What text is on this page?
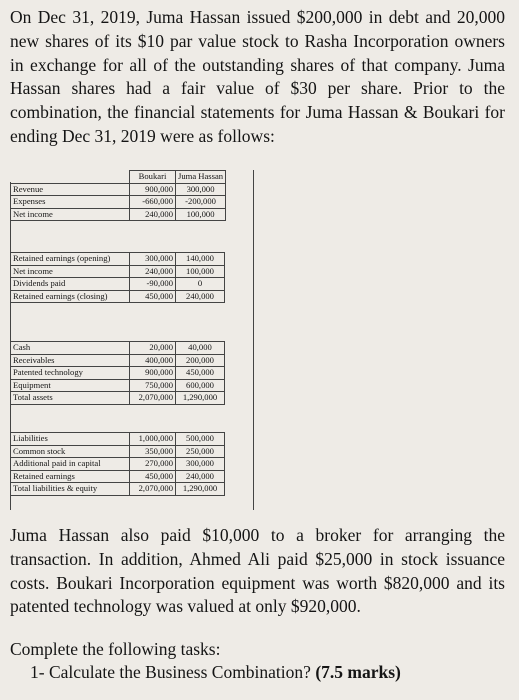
On Dec 31, 2019, Juma Hassan issued $200,000 in debt and 20,000 new shares of its $10 par value stock to Rasha Incorporation owners in exchange for all of the outstanding shares of that company. Juma Hassan shares had a fair value of $30 per share. Prior to the combination, the financial statements for Juma Hassan & Boukari for ending Dec 31, 2019 were as follows:

	Boukari	Juma Hassan
Revenue	900,000	300,000
Expenses	-660,000	-200,000
Net income	240,000	100,000
Retained earnings (opening)	300,000	140,000
Net income	240,000	100,000
Dividends paid	-90,000	0
Retained earnings (closing)	450,000	240,000
Cash	20,000	40,000
Receivables	400,000	200,000
Patented technology	900,000	450,000
Equipment	750,000	600,000
Total assets	2,070,000	1,290,000
Liabilities	1,000,000	500,000
Common stock	350,000	250,000
Additional paid in capital	270,000	300,000
Retained earnings	450,000	240,000
Total liabilities & equity	2,070,000	1,290,000

Juma Hassan also paid $10,000 to a broker for arranging the transaction. In addition, Ahmed Ali paid $25,000 in stock issuance costs. Boukari Incorporation equipment was worth $820,000 and its patented technology was valued at only $920,000.

Complete the following tasks:
1- Calculate the Business Combination? (7.5 marks)
